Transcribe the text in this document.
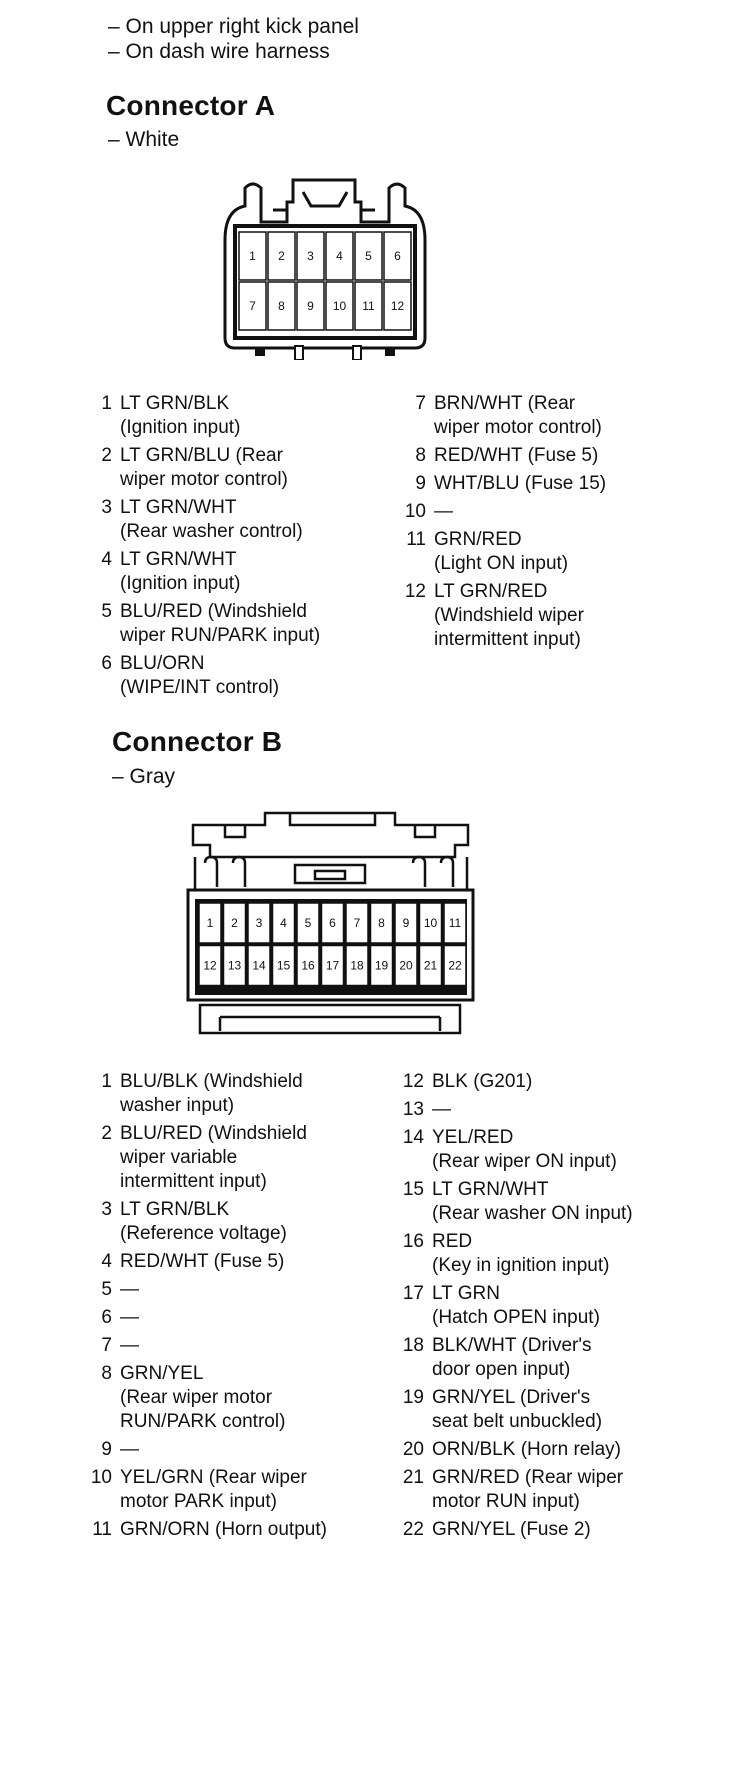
– On upper right kick panel
– On dash wire harness
Connector A
– White
1 2 3 4 5 6
7 8 9 10 11 12
1 LT GRN/BLK
(Ignition input)
2 LT GRN/BLU (Rear
wiper motor control)
3 LT GRN/WHT
(Rear washer control)
4 LT GRN/WHT
(Ignition input)
5 BLU/RED (Windshield
wiper RUN/PARK input)
6 BLU/ORN
(WIPE/INT control)
7 BRN/WHT (Rear
wiper motor control)
8 RED/WHT (Fuse 5)
9 WHT/BLU (Fuse 15)
10 —
11 GRN/RED
(Light ON input)
12 LT GRN/RED
(Windshield wiper
intermittent input)
Connector B
– Gray
1 2 3 4 5 6 7 8 9 10 11
12 13 14 15 16 17 18 19 20 21 22
1 BLU/BLK (Windshield
washer input)
2 BLU/RED (Windshield
wiper variable
intermittent input)
3 LT GRN/BLK
(Reference voltage)
4 RED/WHT (Fuse 5)
5 —
6 —
7 —
8 GRN/YEL
(Rear wiper motor
RUN/PARK control)
9 —
10 YEL/GRN (Rear wiper
motor PARK input)
11 GRN/ORN (Horn output)
12 BLK (G201)
13 —
14 YEL/RED
(Rear wiper ON input)
15 LT GRN/WHT
(Rear washer ON input)
16 RED
(Key in ignition input)
17 LT GRN
(Hatch OPEN input)
18 BLK/WHT (Driver's
door open input)
19 GRN/YEL (Driver's
seat belt unbuckled)
20 ORN/BLK (Horn relay)
21 GRN/RED (Rear wiper
motor RUN input)
22 GRN/YEL (Fuse 2)
